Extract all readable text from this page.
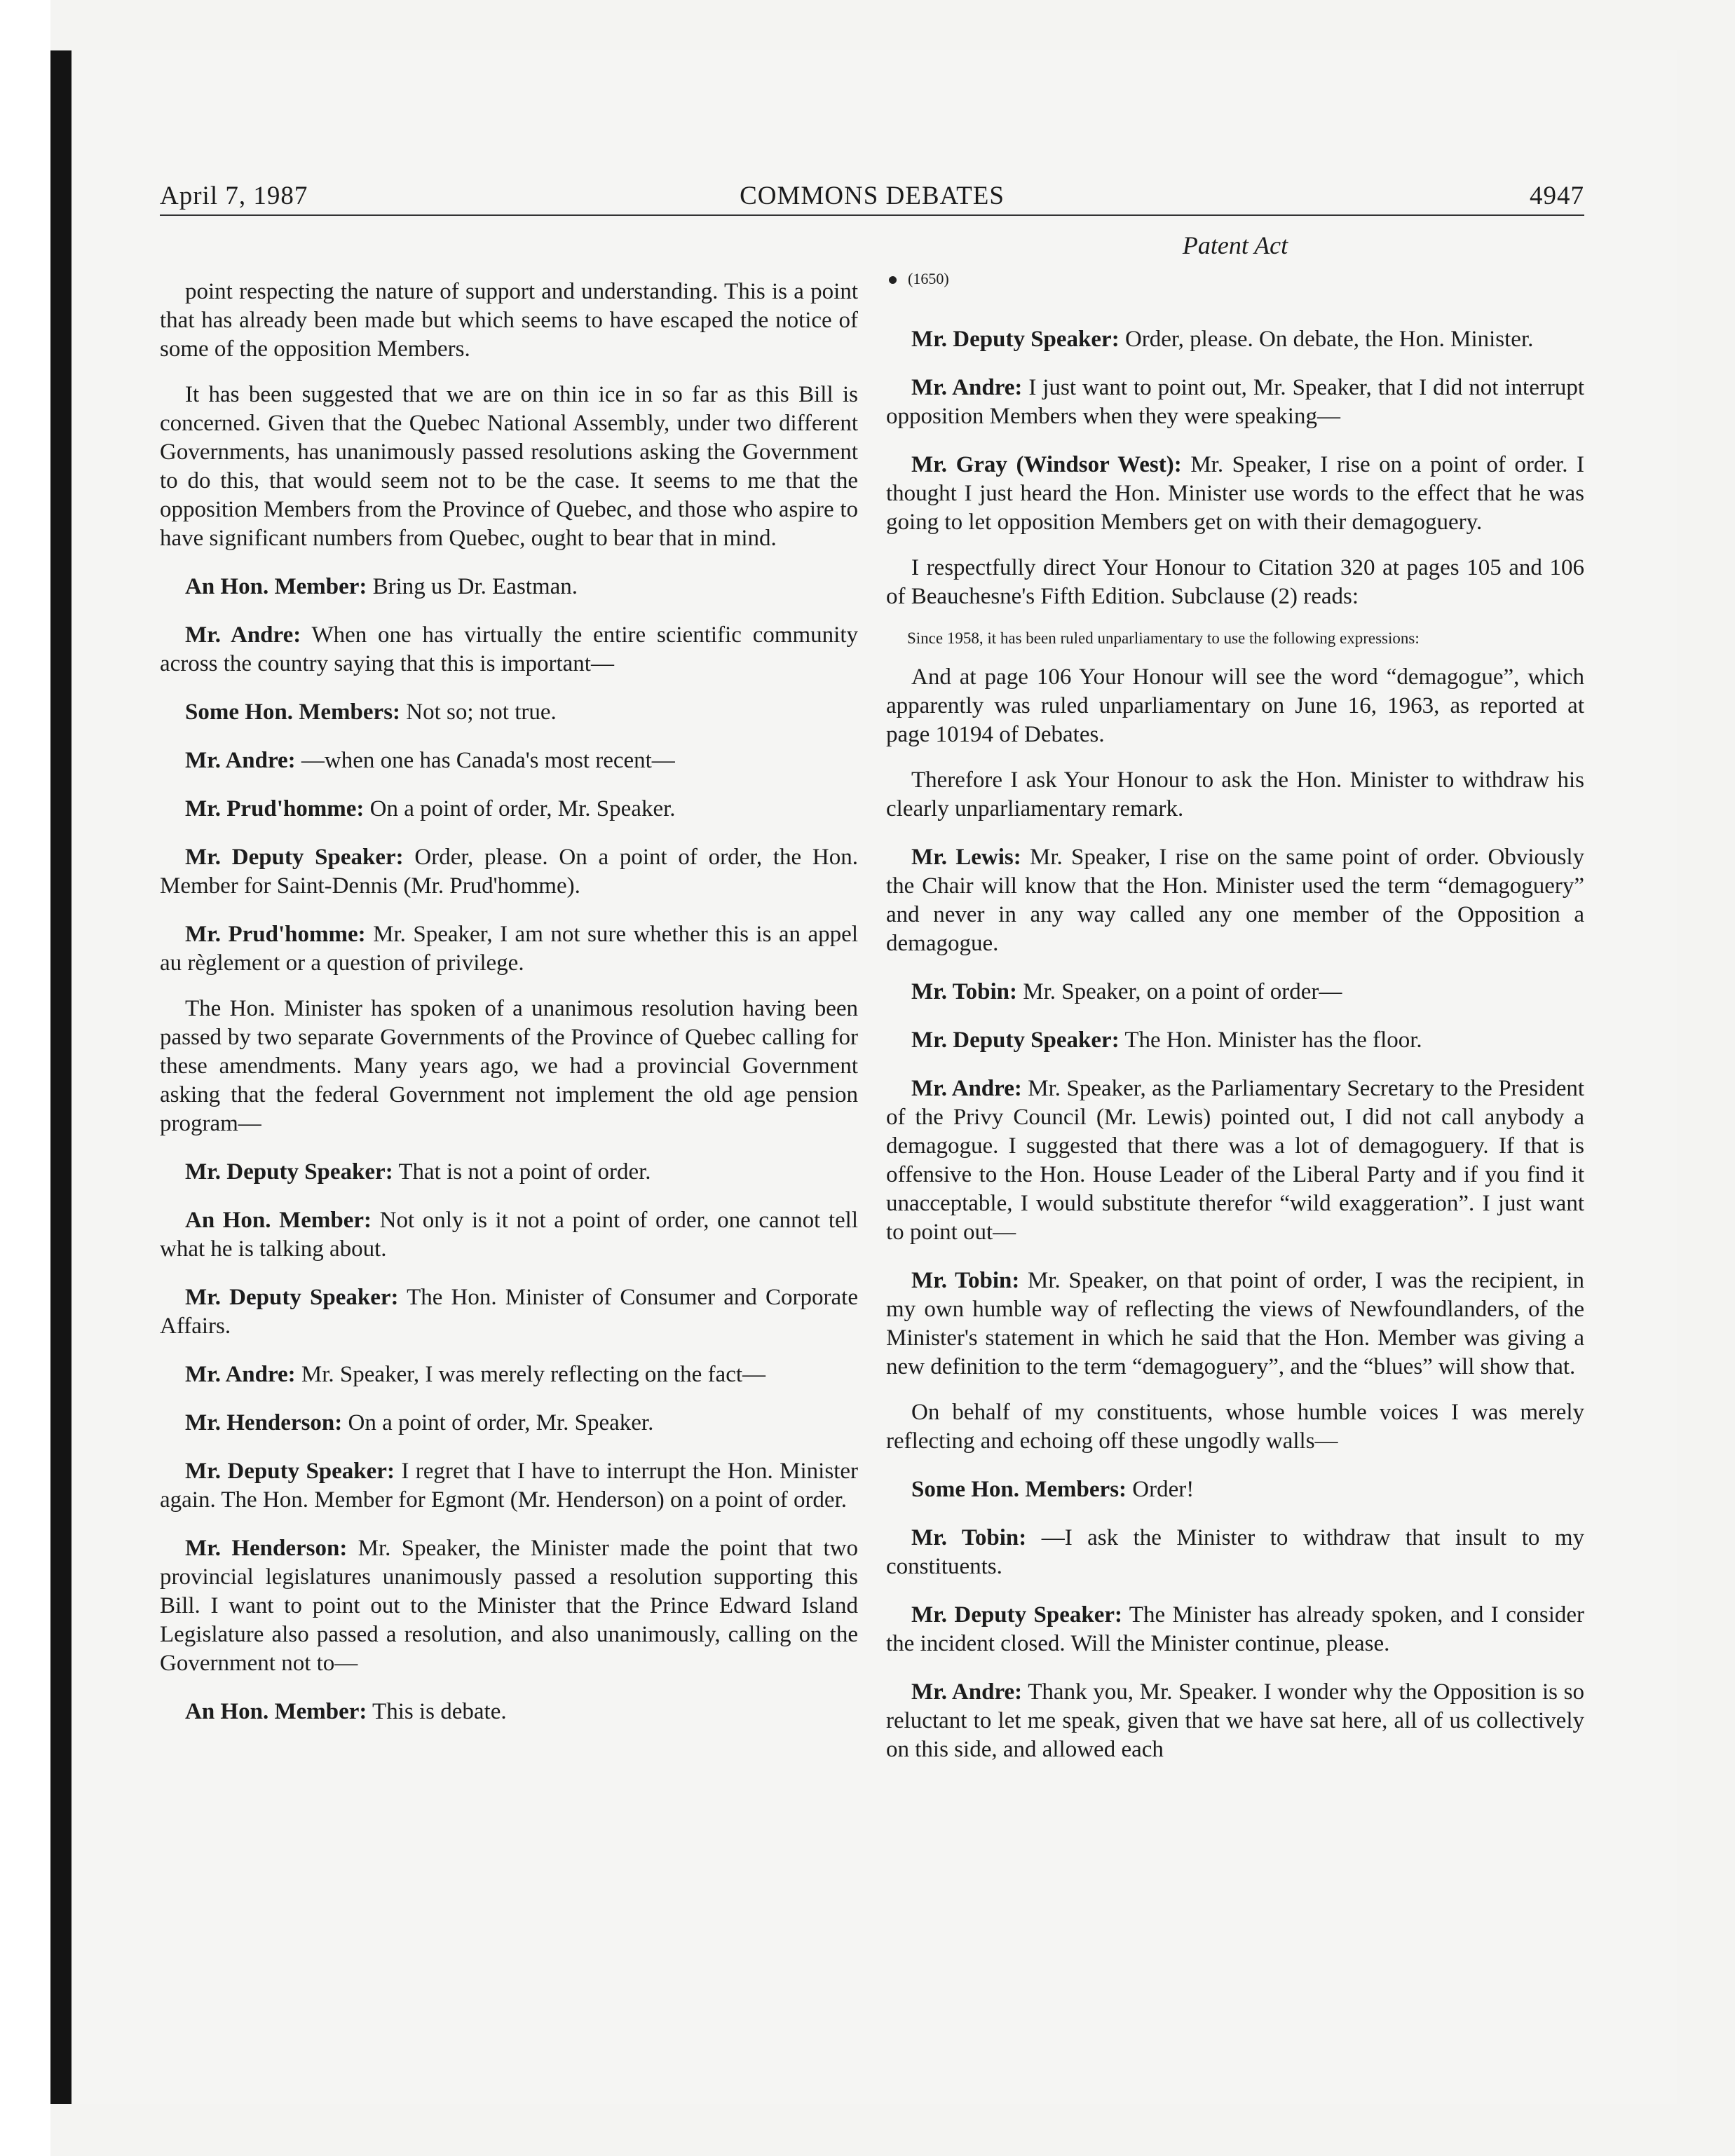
April 7, 1987	COMMONS DEBATES	4947

point respecting the nature of support and understanding. This is a point that has already been made but which seems to have escaped the notice of some of the opposition Members.

It has been suggested that we are on thin ice in so far as this Bill is concerned. Given that the Quebec National Assembly, under two different Governments, has unanimously passed resolutions asking the Government to do this, that would seem not to be the case. It seems to me that the opposition Members from the Province of Quebec, and those who aspire to have significant numbers from Quebec, ought to bear that in mind.

An Hon. Member: Bring us Dr. Eastman.

Mr. Andre: When one has virtually the entire scientific community across the country saying that this is important—

Some Hon. Members: Not so; not true.

Mr. Andre: —when one has Canada's most recent—

Mr. Prud'homme: On a point of order, Mr. Speaker.

Mr. Deputy Speaker: Order, please. On a point of order, the Hon. Member for Saint-Dennis (Mr. Prud'homme).

Mr. Prud'homme: Mr. Speaker, I am not sure whether this is an appel au règlement or a question of privilege.

The Hon. Minister has spoken of a unanimous resolution having been passed by two separate Governments of the Province of Quebec calling for these amendments. Many years ago, we had a provincial Government asking that the federal Government not implement the old age pension program—

Mr. Deputy Speaker: That is not a point of order.

An Hon. Member: Not only is it not a point of order, one cannot tell what he is talking about.

Mr. Deputy Speaker: The Hon. Minister of Consumer and Corporate Affairs.

Mr. Andre: Mr. Speaker, I was merely reflecting on the fact—

Mr. Henderson: On a point of order, Mr. Speaker.

Mr. Deputy Speaker: I regret that I have to interrupt the Hon. Minister again. The Hon. Member for Egmont (Mr. Henderson) on a point of order.

Mr. Henderson: Mr. Speaker, the Minister made the point that two provincial legislatures unanimously passed a resolution supporting this Bill. I want to point out to the Minister that the Prince Edward Island Legislature also passed a resolution, and also unanimously, calling on the Government not to—

An Hon. Member: This is debate.

Patent Act
(1650)

Mr. Deputy Speaker: Order, please. On debate, the Hon. Minister.

Mr. Andre: I just want to point out, Mr. Speaker, that I did not interrupt opposition Members when they were speaking—

Mr. Gray (Windsor West): Mr. Speaker, I rise on a point of order. I thought I just heard the Hon. Minister use words to the effect that he was going to let opposition Members get on with their demagoguery.

I respectfully direct Your Honour to Citation 320 at pages 105 and 106 of Beauchesne's Fifth Edition. Subclause (2) reads:

Since 1958, it has been ruled unparliamentary to use the following expressions:

And at page 106 Your Honour will see the word “demagogue”, which apparently was ruled unparliamentary on June 16, 1963, as reported at page 10194 of Debates.

Therefore I ask Your Honour to ask the Hon. Minister to withdraw his clearly unparliamentary remark.

Mr. Lewis: Mr. Speaker, I rise on the same point of order. Obviously the Chair will know that the Hon. Minister used the term “demagoguery” and never in any way called any one member of the Opposition a demagogue.

Mr. Tobin: Mr. Speaker, on a point of order—

Mr. Deputy Speaker: The Hon. Minister has the floor.

Mr. Andre: Mr. Speaker, as the Parliamentary Secretary to the President of the Privy Council (Mr. Lewis) pointed out, I did not call anybody a demagogue. I suggested that there was a lot of demagoguery. If that is offensive to the Hon. House Leader of the Liberal Party and if you find it unacceptable, I would substitute therefor “wild exaggeration”. I just want to point out—

Mr. Tobin: Mr. Speaker, on that point of order, I was the recipient, in my own humble way of reflecting the views of Newfoundlanders, of the Minister's statement in which he said that the Hon. Member was giving a new definition to the term “demagoguery”, and the “blues” will show that.

On behalf of my constituents, whose humble voices I was merely reflecting and echoing off these ungodly walls—

Some Hon. Members: Order!

Mr. Tobin: —I ask the Minister to withdraw that insult to my constituents.

Mr. Deputy Speaker: The Minister has already spoken, and I consider the incident closed. Will the Minister continue, please.

Mr. Andre: Thank you, Mr. Speaker. I wonder why the Opposition is so reluctant to let me speak, given that we have sat here, all of us collectively on this side, and allowed each
